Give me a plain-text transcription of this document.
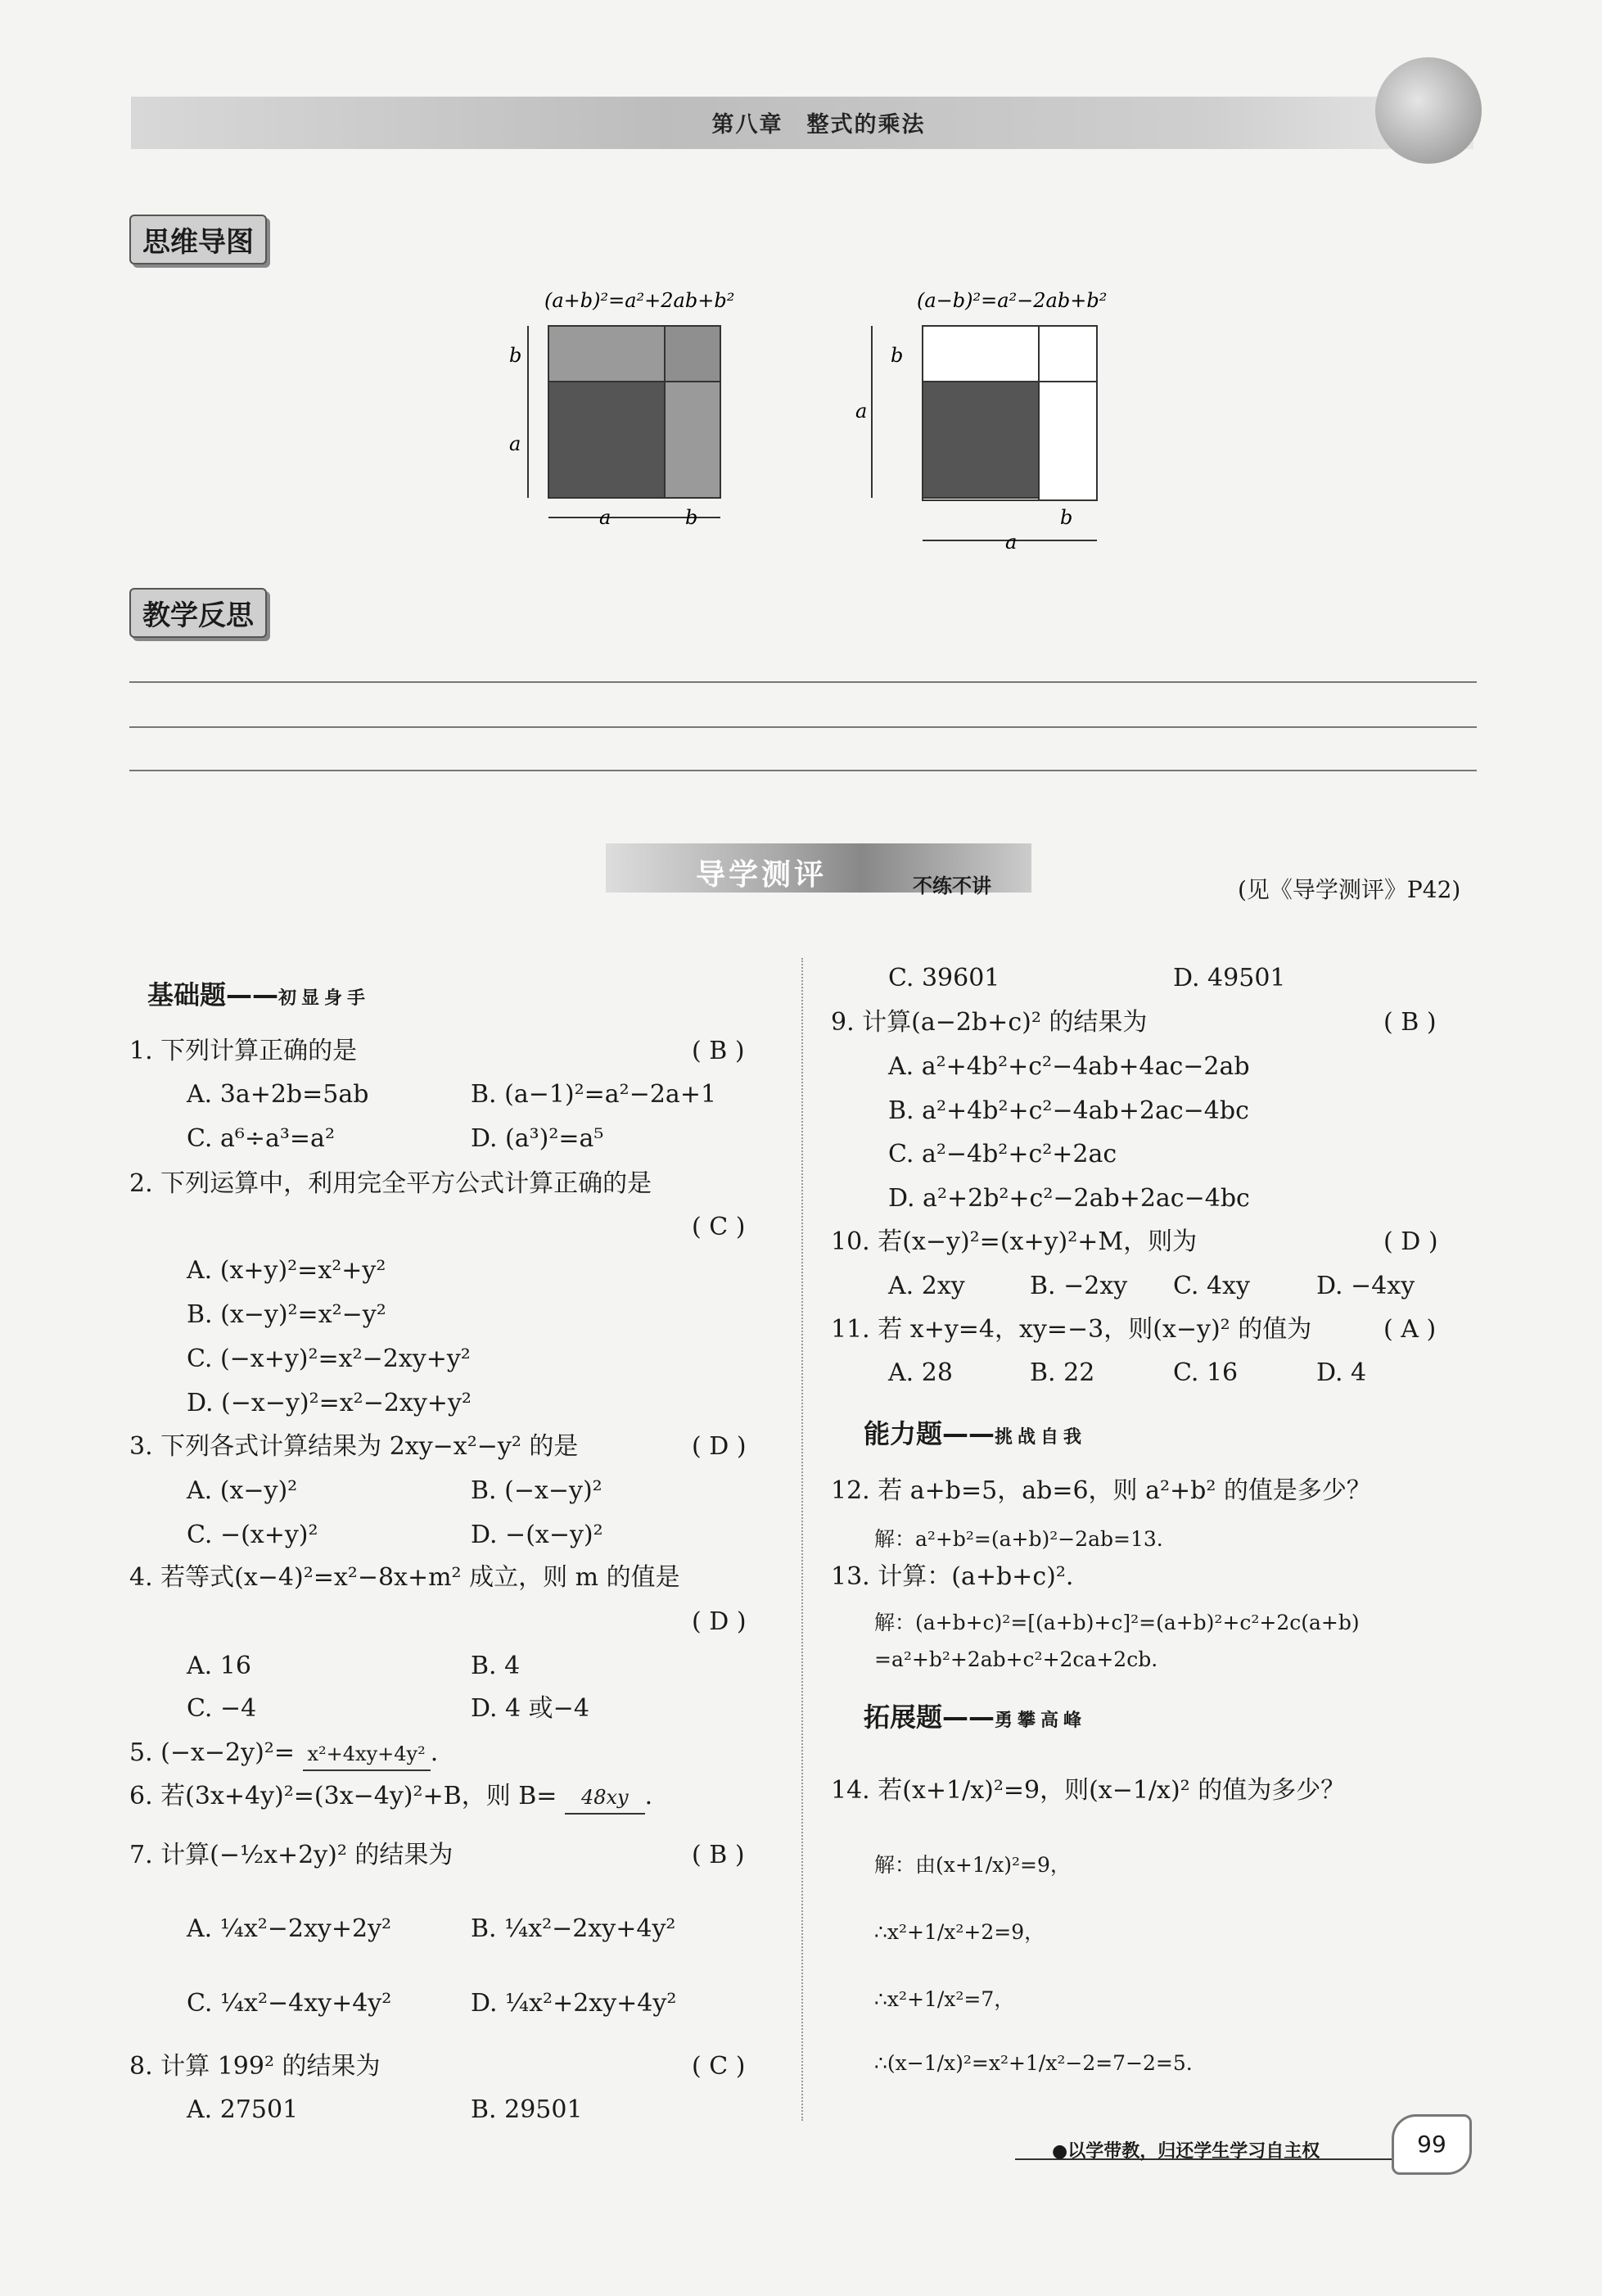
第八章　 整式的乘法
思维导图
(a+b)²=a²+2ab+b²
b
a
a	b
(a−b)²=a²−2ab+b²
b
a
b
a
教学反思
导学测评	不练不讲	(见《导学测评》P42)
基础题——初显身手
1. 下列计算正确的是	( B )
A. 3a+2b=5ab	B. (a−1)²=a²−2a+1
C. a⁶÷a³=a²	D. (a³)²=a⁵
2. 下列运算中，利用完全平方公式计算正确的是
( C )
A. (x+y)²=x²+y²
B. (x−y)²=x²−y²
C. (−x+y)²=x²−2xy+y²
D. (−x−y)²=x²−2xy+y²
3. 下列各式计算结果为 2xy−x²−y² 的是	( D )
A. (x−y)²	B. (−x−y)²
C. −(x+y)²	D. −(x−y)²
4. 若等式(x−4)²=x²−8x+m² 成立，则 m 的值是
( D )
A. 16	B. 4
C. −4	D. 4 或−4
5. (−x−2y)²= x²+4xy+4y² .
6. 若(3x+4y)²=(3x−4y)²+B，则 B= 48xy .
7. 计算(−½x+2y)² 的结果为	( B )
A. ¼x²−2xy+2y²	B. ¼x²−2xy+4y²
C. ¼x²−4xy+4y²	D. ¼x²+2xy+4y²
8. 计算 199² 的结果为	( C )
A. 27501	B. 29501
C. 39601	D. 49501
9. 计算(a−2b+c)² 的结果为	( B )
A. a²+4b²+c²−4ab+4ac−2ab
B. a²+4b²+c²−4ab+2ac−4bc
C. a²−4b²+c²+2ac
D. a²+2b²+c²−2ab+2ac−4bc
10. 若(x−y)²=(x+y)²+M，则为	( D )
A. 2xy	B. −2xy C. 4xy	D. −4xy
11. 若 x+y=4，xy=−3，则(x−y)² 的值为	( A )
A. 28	B. 22	C. 16	D. 4
能力题——挑战自我
12. 若 a+b=5，ab=6，则 a²+b² 的值是多少？
解：a²+b²=(a+b)²−2ab=13.
13. 计算：(a+b+c)².
解：(a+b+c)²=[(a+b)+c]²=(a+b)²+c²+2c(a+b)
=a²+b²+2ab+c²+2ca+2cb.
拓展题——勇攀高峰
14. 若(x+1/x)²=9，则(x−1/x)² 的值为多少？
解：由(x+1/x)²=9，
∴x²+1/x²+2=9，
∴x²+1/x²=7，
∴(x−1/x)²=x²+1/x²−2=7−2=5.
●以学带教，归还学生学习自主权	99
